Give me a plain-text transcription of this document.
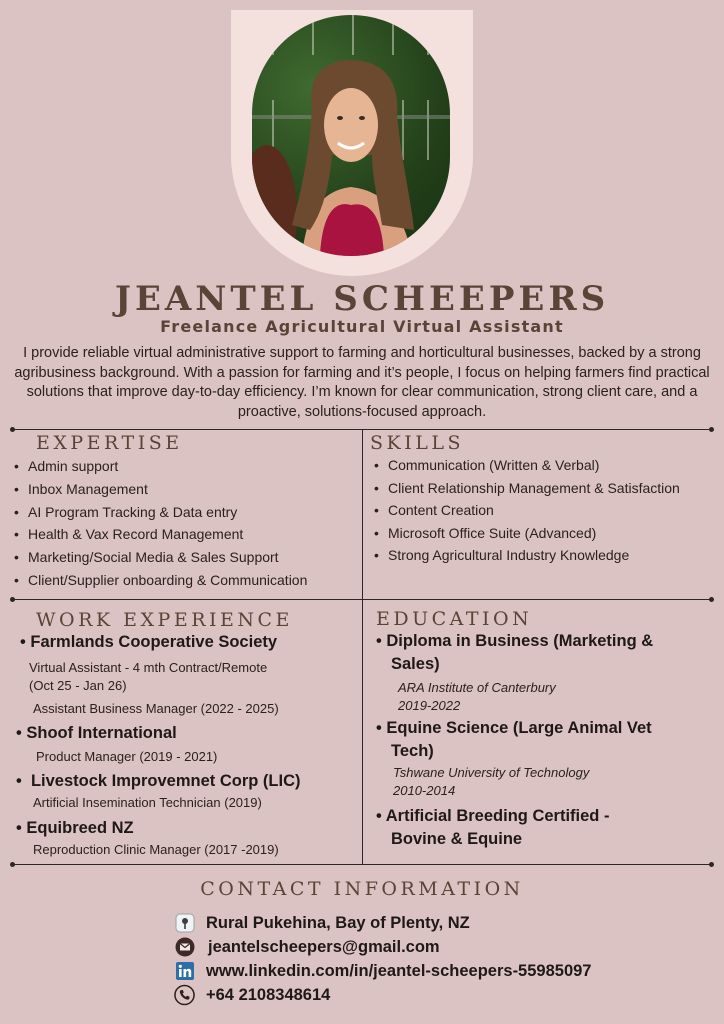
JEANTEL SCHEEPERS
Freelance Agricultural Virtual Assistant

I provide reliable virtual administrative support to farming and horticultural businesses, backed by a strong agribusiness background. With a passion for farming and it’s people, I focus on helping farmers find practical solutions that improve day-to-day efficiency. I’m known for clear communication, strong client care, and a proactive, solutions-focused approach.

EXPERTISE
• Admin support
• Inbox Management
• AI Program Tracking & Data entry
• Health & Vax Record Management
• Marketing/Social Media & Sales Support
• Client/Supplier onboarding & Communication
SKILLS
• Communication (Written & Verbal)
• Client Relationship Management & Satisfaction
• Content Creation
• Microsoft Office Suite (Advanced)
• Strong Agricultural Industry Knowledge
WORK EXPERIENCE
• Farmlands Cooperative Society
Virtual Assistant - 4 mth Contract/Remote
(Oct 25 - Jan 26)
Assistant Business Manager (2022 - 2025)
• Shoof International
Product Manager (2019 - 2021)
•  Livestock Improvemnet Corp (LIC)
Artificial Insemination Technician (2019)
• Equibreed NZ
Reproduction Clinic Manager (2017 -2019)
EDUCATION
• Diploma in Business (Marketing &
Sales)
ARA Institute of Canterbury
2019-2022
• Equine Science (Large Animal Vet
Tech)
Tshwane University of Technology
2010-2014
• Artificial Breeding Certified -
Bovine & Equine
CONTACT INFORMATION
Rural Pukehina, Bay of Plenty, NZ
jeantelscheepers@gmail.com
www.linkedin.com/in/jeantel-scheepers-55985097
+64 2108348614
